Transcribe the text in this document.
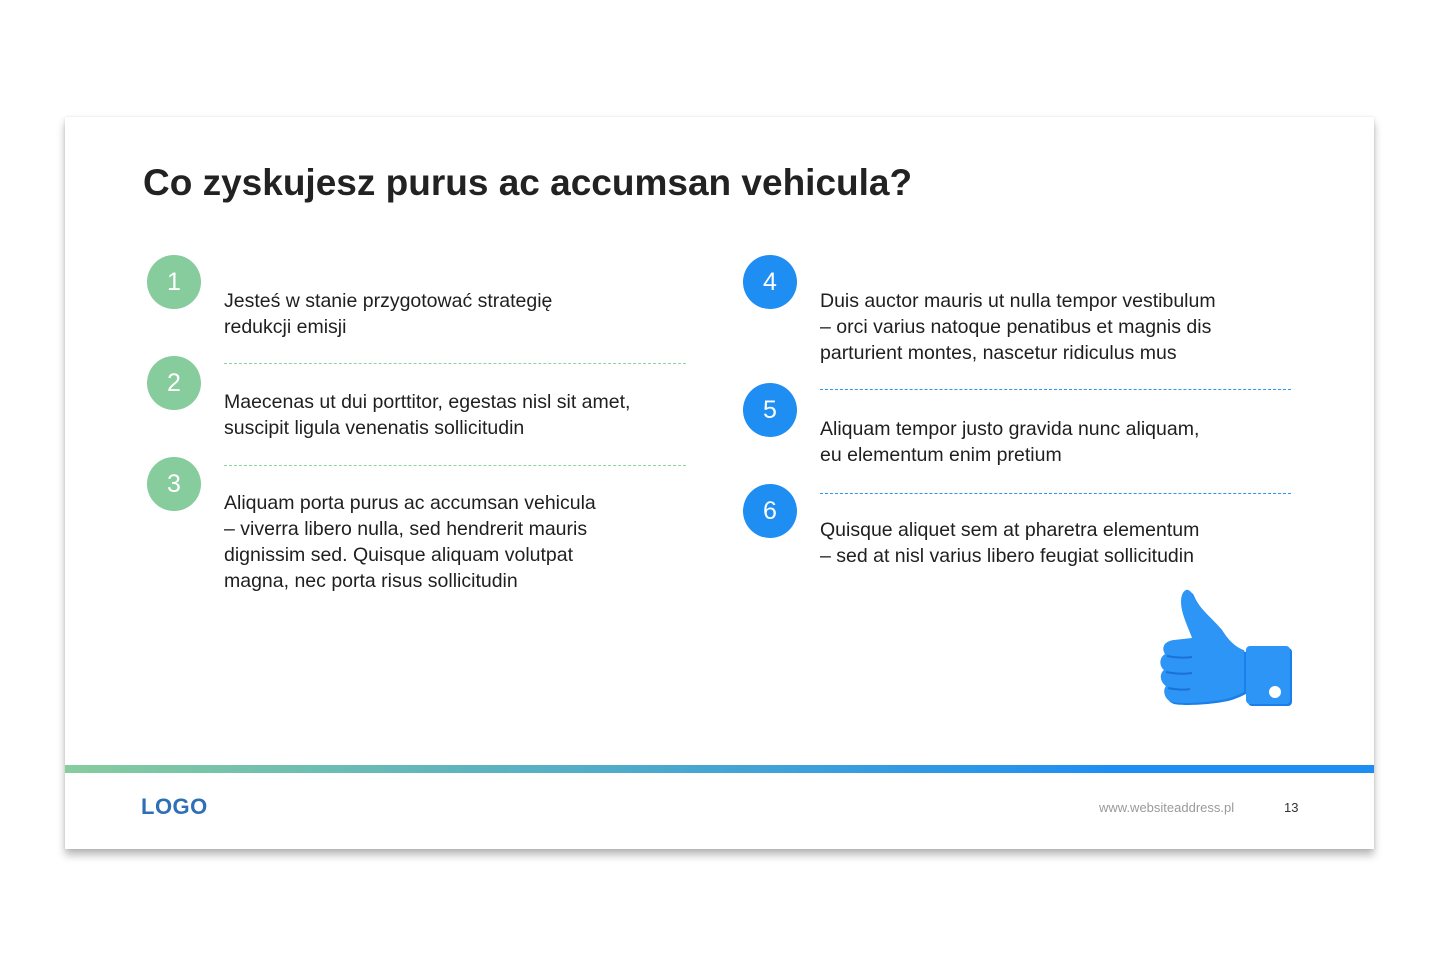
Co zyskujesz purus ac accumsan vehicula?
1

Jesteś w stanie przygotować strategię
redukcji emisji

2

Maecenas ut dui porttitor, egestas nisl sit amet,
suscipit ligula venenatis sollicitudin

3

Aliquam porta purus ac accumsan vehicula
– viverra libero nulla, sed hendrerit mauris
dignissim sed. Quisque aliquam volutpat
magna, nec porta risus sollicitudin

4

Duis auctor mauris ut nulla tempor vestibulum
– orci varius natoque penatibus et magnis dis
parturient montes, nascetur ridiculus mus

5

Aliquam tempor justo gravida nunc aliquam,
eu elementum enim pretium

6

Quisque aliquet sem at pharetra elementum
– sed at nisl varius libero feugiat sollicitudin

LOGO	www.websiteaddress.pl	13
